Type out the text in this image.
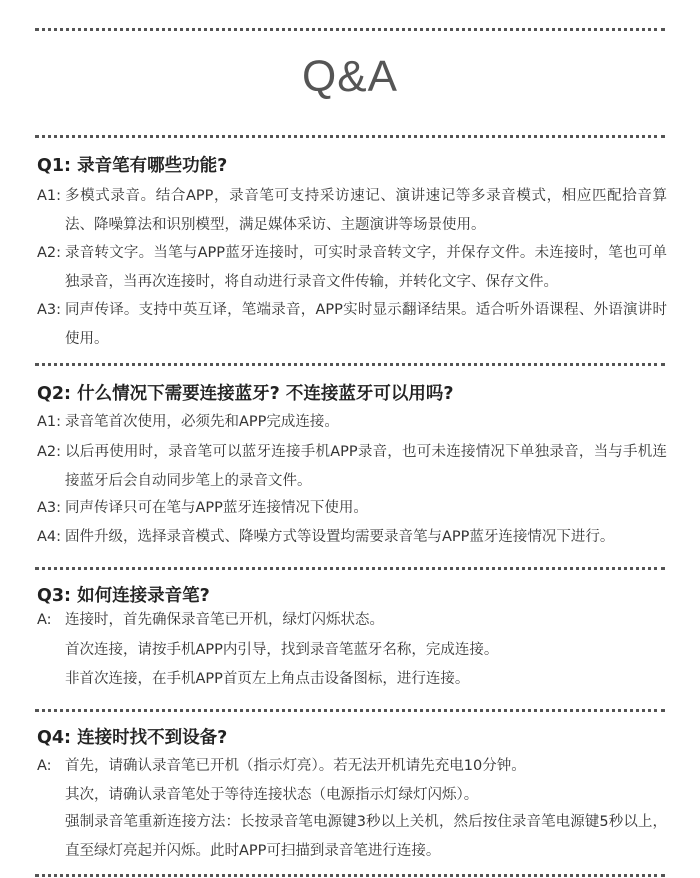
Q&A
Q1: 录音笔有哪些功能?
A1: 多模式录音。结合APP，录音笔可支持采访速记、演讲速记等多录音模式，相应匹配拾音算法、降噪算法和识别模型，满足媒体采访、主题演讲等场景使用。
A2: 录音转文字。当笔与APP蓝牙连接时，可实时录音转文字，并保存文件。未连接时，笔也可单独录音，当再次连接时，将自动进行录音文件传输，并转化文字、保存文件。
A3: 同声传译。支持中英互译，笔端录音，APP实时显示翻译结果。适合听外语课程、外语演讲时使用。
Q2: 什么情况下需要连接蓝牙? 不连接蓝牙可以用吗?
A1: 录音笔首次使用，必须先和APP完成连接。
A2: 以后再使用时，录音笔可以蓝牙连接手机APP录音，也可未连接情况下单独录音，当与手机连接蓝牙后会自动同步笔上的录音文件。
A3: 同声传译只可在笔与APP蓝牙连接情况下使用。
A4: 固件升级，选择录音模式、降噪方式等设置均需要录音笔与APP蓝牙连接情况下进行。
Q3: 如何连接录音笔?
A: 连接时，首先确保录音笔已开机，绿灯闪烁状态。
首次连接，请按手机APP内引导，找到录音笔蓝牙名称，完成连接。
非首次连接，在手机APP首页左上角点击设备图标，进行连接。
Q4: 连接时找不到设备?
A: 首先，请确认录音笔已开机（指示灯亮）。若无法开机请先充电10分钟。
其次，请确认录音笔处于等待连接状态（电源指示灯绿灯闪烁）。
强制录音笔重新连接方法：长按录音笔电源键3秒以上关机，然后按住录音笔电源键5秒以上，直至绿灯亮起并闪烁。此时APP可扫描到录音笔进行连接。
